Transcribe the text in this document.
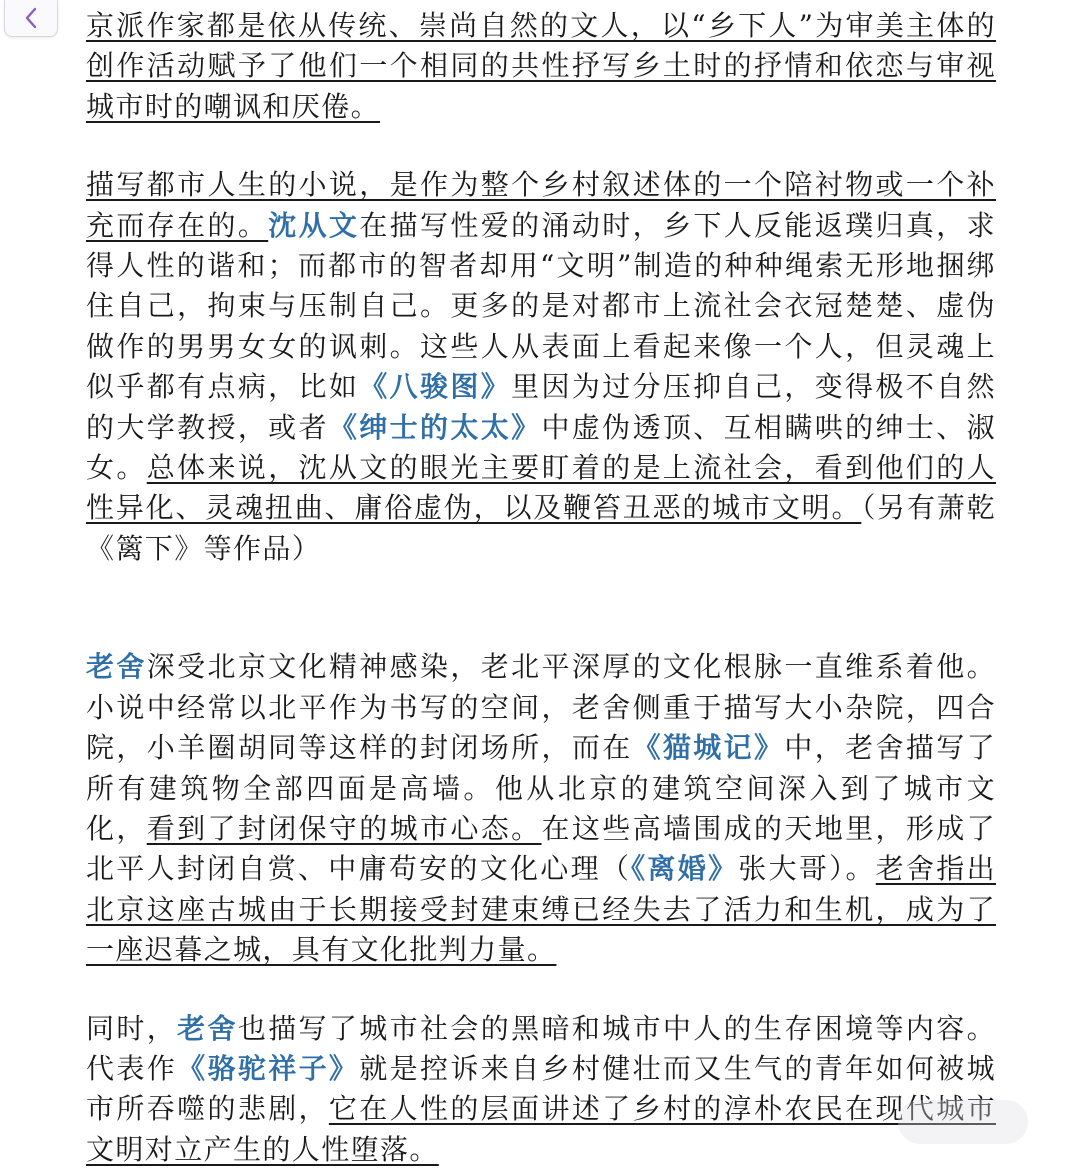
京派作家都是依从传统、崇尚自然的文人，以“乡下人”为审美主体的创作活动赋予了他们一个相同的共性抒写乡土时的抒情和依恋与审视城市时的嘲讽和厌倦。

描写都市人生的小说，是作为整个乡村叙述体的一个陪衬物或一个补充而存在的。沈从文在描写性爱的涌动时，乡下人反能返璞归真，求得人性的谐和；而都市的智者却用“文明”制造的种种绳索无形地捆绑住自己，拘束与压制自己。更多的是对都市上流社会衣冠楚楚、虚伪做作的男男女女的讽刺。这些人从表面上看起来像一个人，但灵魂上似乎都有点病，比如《八骏图》里因为过分压抑自己，变得极不自然的大学教授，或者《绅士的太太》中虚伪透顶、互相瞒哄的绅士、淑女。总体来说，沈从文的眼光主要盯着的是上流社会，看到他们的人性异化、灵魂扭曲、庸俗虚伪，以及鞭笞丑恶的城市文明。（另有萧乾《篱下》等作品）

老舍深受北京文化精神感染，老北平深厚的文化根脉一直维系着他。小说中经常以北平作为书写的空间，老舍侧重于描写大小杂院，四合院，小羊圈胡同等这样的封闭场所，而在《猫城记》中，老舍描写了所有建筑物全部四面是高墙。他从北京的建筑空间深入到了城市文化，看到了封闭保守的城市心态。在这些高墙围成的天地里，形成了北平人封闭自赏、中庸苟安的文化心理（《离婚》张大哥）。老舍指出北京这座古城由于长期接受封建束缚已经失去了活力和生机，成为了一座迟暮之城，具有文化批判力量。

同时，老舍也描写了城市社会的黑暗和城市中人的生存困境等内容。代表作《骆驼祥子》就是控诉来自乡村健壮而又生气的青年如何被城市所吞噬的悲剧，它在人性的层面讲述了乡村的淳朴农民在现代城市文明对立产生的人性堕落。
